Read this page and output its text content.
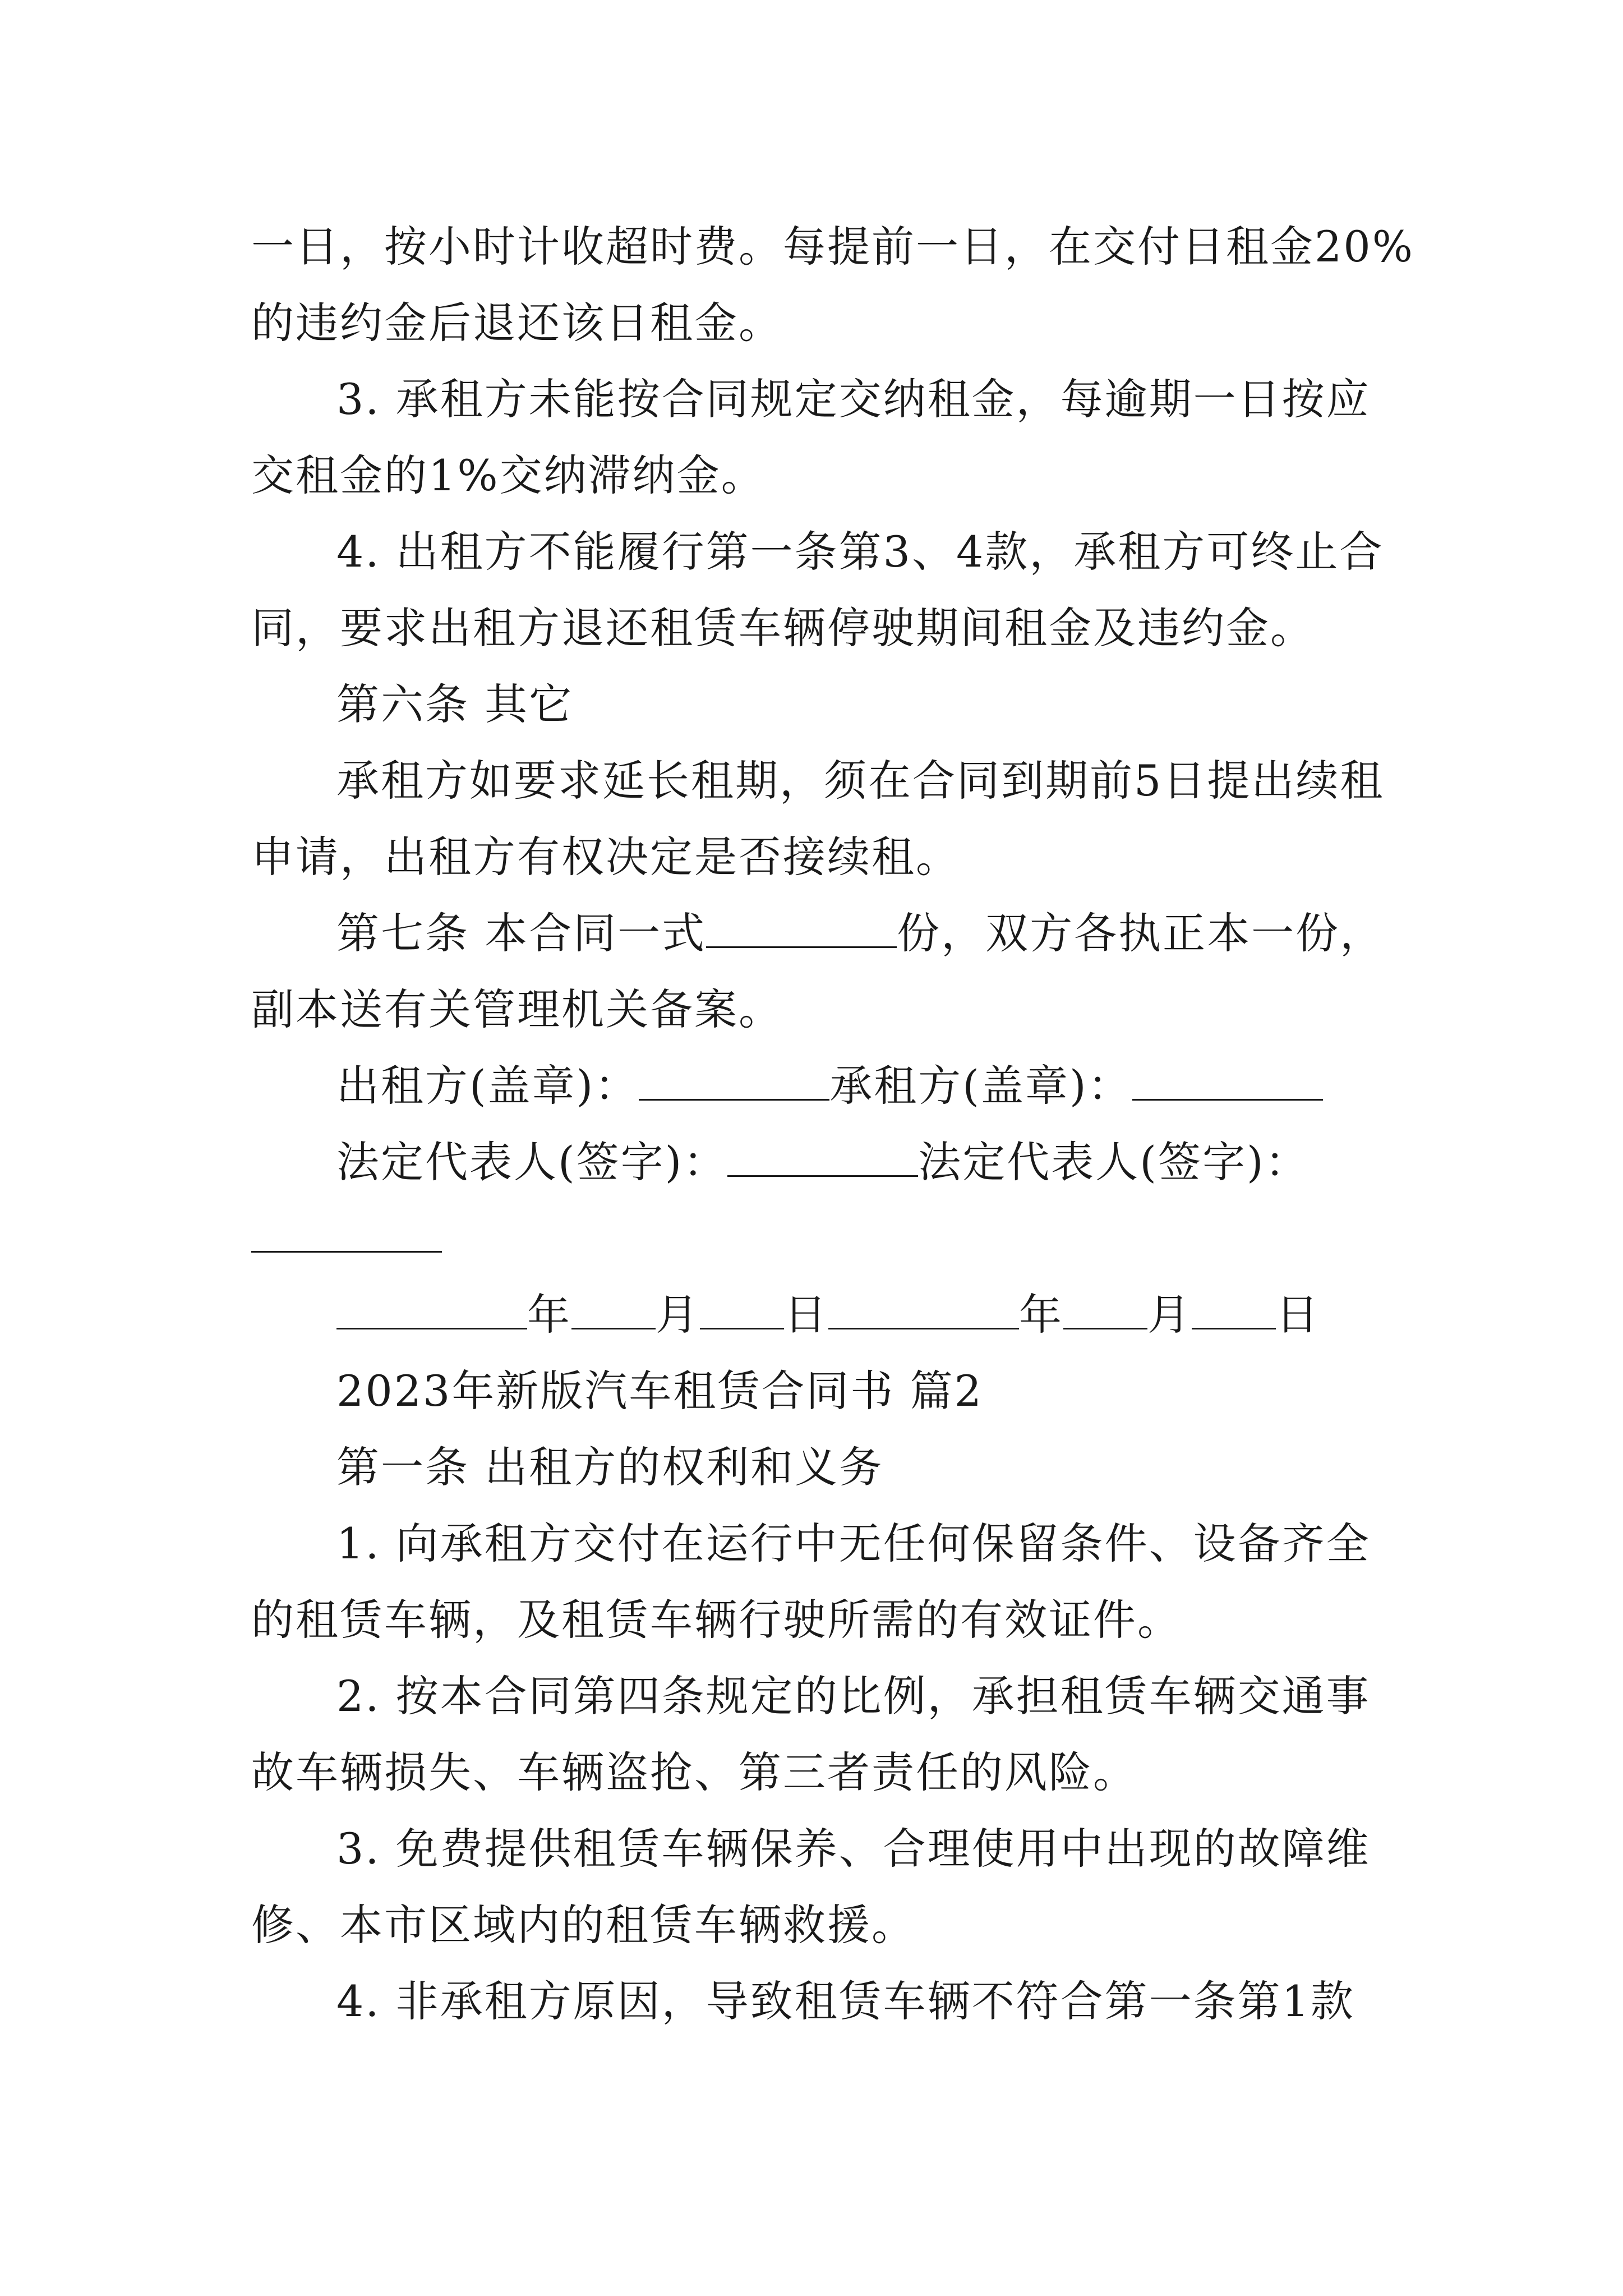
一日，按小时计收超时费。每提前一日，在交付日租金20%
的违约金后退还该日租金。
3. 承租方未能按合同规定交纳租金，每逾期一日按应
交租金的1%交纳滞纳金。
4. 出租方不能履行第一条第3、4款，承租方可终止合
同，要求出租方退还租赁车辆停驶期间租金及违约金。
第六条 其它
承租方如要求延长租期，须在合同到期前5日提出续租
申请，出租方有权决定是否接续租。
第七条 本合同一式	份，双方各执正本一份，
副本送有关管理机关备案。
出租方(盖章)：	承租方(盖章)：
法定代表人(签字)：	法定代表人(签字)：
年 月 日	年 月 日
2023年新版汽车租赁合同书 篇2
第一条 出租方的权利和义务
1. 向承租方交付在运行中无任何保留条件、设备齐全
的租赁车辆，及租赁车辆行驶所需的有效证件。
2. 按本合同第四条规定的比例，承担租赁车辆交通事
故车辆损失、车辆盗抢、第三者责任的风险。
3. 免费提供租赁车辆保养、合理使用中出现的故障维
修、本市区域内的租赁车辆救援。
4. 非承租方原因，导致租赁车辆不符合第一条第1款
